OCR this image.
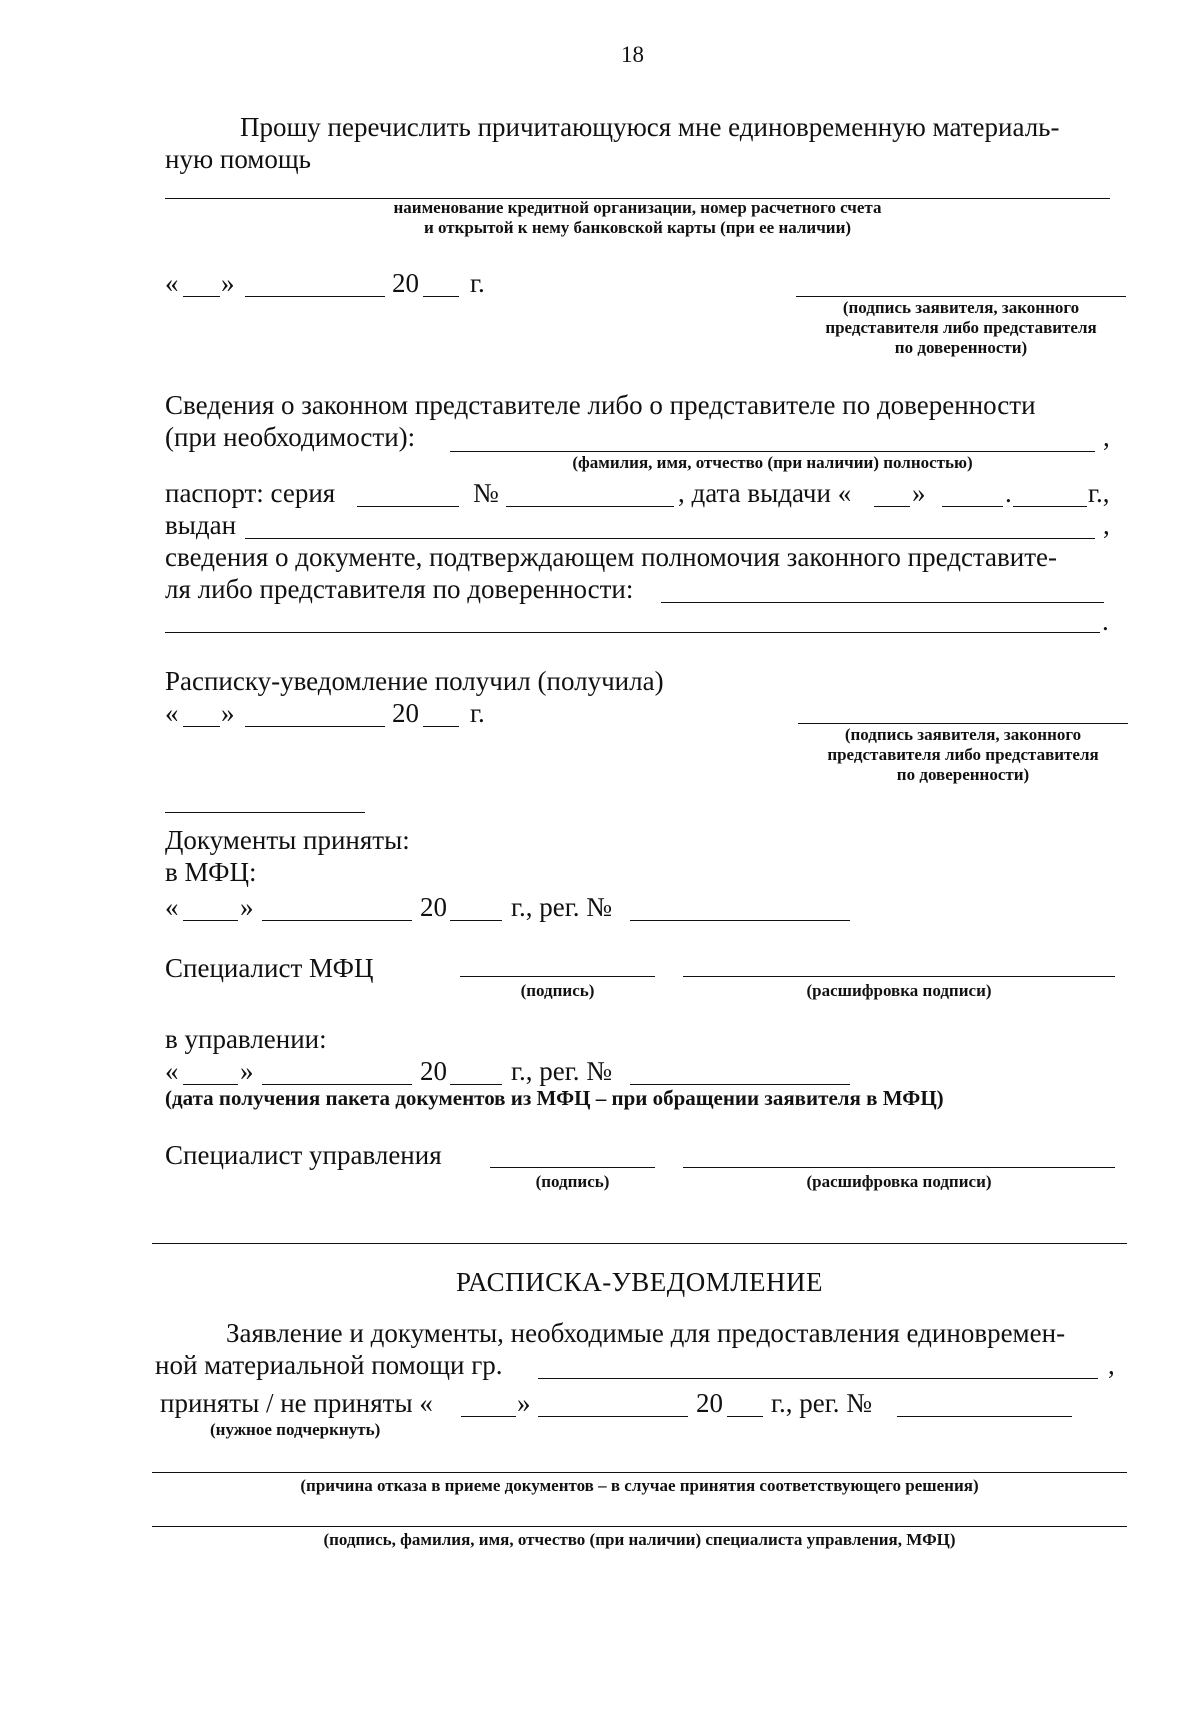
18
Прошу перечислить причитающуюся мне единовременную материаль-
ную помощь
наименование кредитной организации, номер расчетного счета
и открытой к нему банковской карты (при ее наличии)
« »	20 г.
(подпись заявителя, законного
представителя либо представителя
по доверенности)
Сведения о законном представителе либо о представителе по доверенности
(при необходимости):	,
(фамилия, имя, отчество (при наличии) полностью)
паспорт: серия	№	, дата выдачи « »	.	г.,
выдан	,
сведения о документе, подтверждающем полномочия законного представите-
ля либо представителя по доверенности:
.
Расписку-уведомление получил (получила)
« »	20 г.
(подпись заявителя, законного
представителя либо представителя
по доверенности)
Документы приняты:
в МФЦ:
« »	20 г., рег. №
Специалист МФЦ
(подпись)	(расшифровка подписи)
в управлении:
« »	20 г., рег. №
(дата получения пакета документов из МФЦ – при обращении заявителя в МФЦ)
Специалист управления
(подпись)	(расшифровка подписи)
РАСПИСКА-УВЕДОМЛЕНИЕ
Заявление и документы, необходимые для предоставления единовремен-
ной материальной помощи гр.	,
приняты / не приняты «	»	20 г., рег. №
(нужное подчеркнуть)
(причина отказа в приеме документов – в случае принятия соответствующего решения)
(подпись, фамилия, имя, отчество (при наличии) специалиста управления, МФЦ)
